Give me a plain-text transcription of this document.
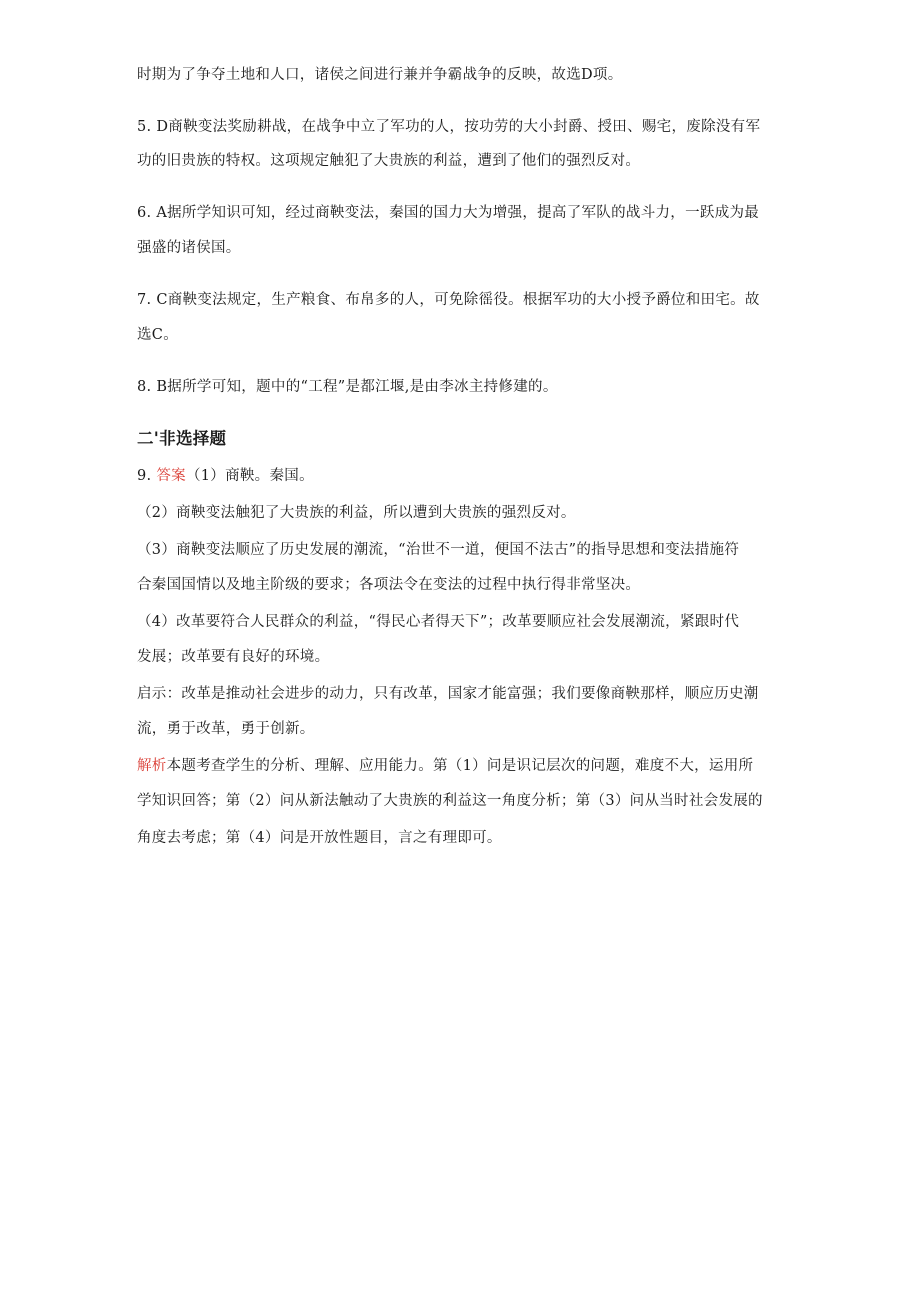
时期为了争夺土地和人口，诸侯之间进行兼并争霸战争的反映，故选D项。
5. D商鞅变法奖励耕战，在战争中立了军功的人，按功劳的大小封爵、授田、赐宅，废除没有军
功的旧贵族的特权。这项规定触犯了大贵族的利益，遭到了他们的强烈反对。
6. A据所学知识可知，经过商鞅变法，秦国的国力大为增强，提高了军队的战斗力，一跃成为最
强盛的诸侯国。
7. C商鞅变法规定，生产粮食、布帛多的人，可免除徭役。根据军功的大小授予爵位和田宅。故
选C。
8. B据所学可知，题中的“工程”是都江堰,是由李冰主持修建的。
二'非选择题
9. 答案（1）商鞅。秦国。
（2）商鞅变法触犯了大贵族的利益，所以遭到大贵族的强烈反对。
（3）商鞅变法顺应了历史发展的潮流，“治世不一道，便国不法古”的指导思想和变法措施符
合秦国国情以及地主阶级的要求；各项法令在变法的过程中执行得非常坚决。
（4）改革要符合人民群众的利益，“得民心者得天下”；改革要顺应社会发展潮流，紧跟时代
发展；改革要有良好的环境。
启示：改革是推动社会进步的动力，只有改革，国家才能富强；我们要像商鞅那样，顺应历史潮
流，勇于改革，勇于创新。
解析本题考查学生的分析、理解、应用能力。第（1）问是识记层次的问题，难度不大，运用所
学知识回答；第（2）问从新法触动了大贵族的利益这一角度分析；第（3）问从当时社会发展的
角度去考虑；第（4）问是开放性题目，言之有理即可。
